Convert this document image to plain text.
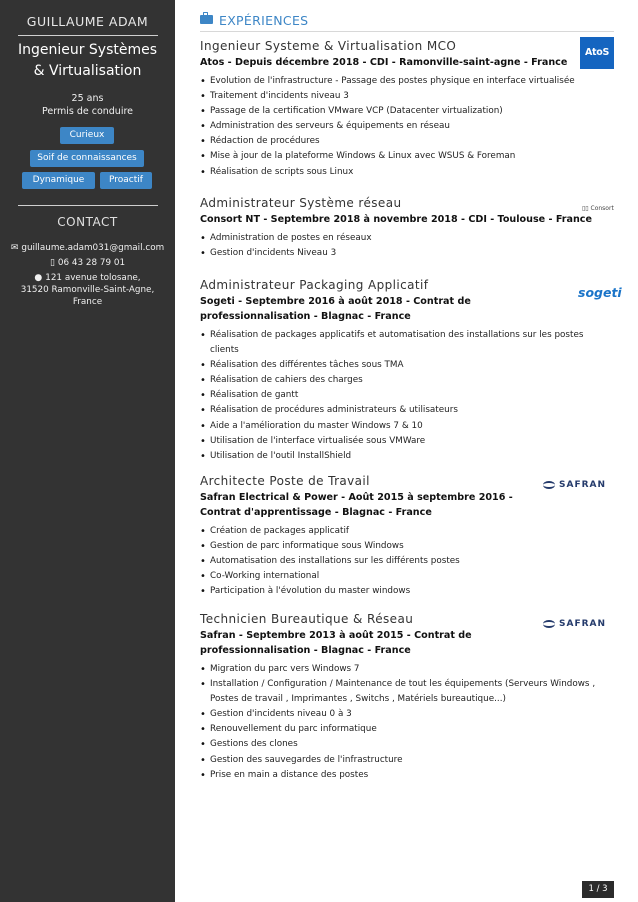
GUILLAUME ADAM
Ingenieur Systèmes
& Virtualisation
25 ans
Permis de conduire
Curieux
Soif de connaissances
Dynamique	Proactif
CONTACT
✉ guillaume.adam031@gmail.com
▯ 06 43 28 79 01
● 121 avenue tolosane,
31520 Ramonville-Saint-Agne,
France
EXPÉRIENCES
Ingenieur Systeme & Virtualisation MCO
Atos - Depuis décembre 2018 - CDI - Ramonville-saint-agne - France
• Evolution de l'infrastructure - Passage des postes physique en interface virtualisée
• Traitement d'incidents niveau 3
• Passage de la certification VMware VCP (Datacenter virtualization)
• Administration des serveurs & équipements en réseau
• Rédaction de procédures
• Mise à jour de la plateforme Windows & Linux avec WSUS & Foreman
• Réalisation de scripts sous Linux
AtoS
Administrateur Système réseau
Consort NT - Septembre 2018 à novembre 2018 - CDI - Toulouse - France
• Administration de postes en réseaux
• Gestion d'incidents Niveau 3
▯▯ Consort
Administrateur Packaging Applicatif
Sogeti - Septembre 2016 à août 2018 - Contrat de professionnalisation - Blagnac - France
• Réalisation de packages applicatifs et automatisation des installations sur les postes clients
• Réalisation des différentes tâches sous TMA
• Réalisation de cahiers des charges
• Réalisation de gantt
• Réalisation de procédures administrateurs & utilisateurs
• Aide a l'amélioration du master Windows 7 & 10
• Utilisation de l'interface virtualisée sous VMWare
• Utilisation de l'outil InstallShield
sogeti
Architecte Poste de Travail
Safran Electrical & Power - Août 2015 à septembre 2016 - Contrat d'apprentissage - Blagnac - France
• Création de packages applicatif
• Gestion de parc informatique sous Windows
• Automatisation des installations sur les différents postes
• Co-Working international
• Participation à l'évolution du master windows
SAFRAN
Technicien Bureautique & Réseau
Safran - Septembre 2013 à août 2015 - Contrat de professionnalisation - Blagnac - France
• Migration du parc vers Windows 7
• Installation / Configuration / Maintenance de tout les équipements (Serveurs Windows , Postes de travail , Imprimantes , Switchs , Matériels bureautique...)
• Gestion d'incidents niveau 0 à 3
• Renouvellement du parc informatique
• Gestions des clones
• Gestion des sauvegardes de l'infrastructure
• Prise en main a distance des postes
SAFRAN
1 / 3
